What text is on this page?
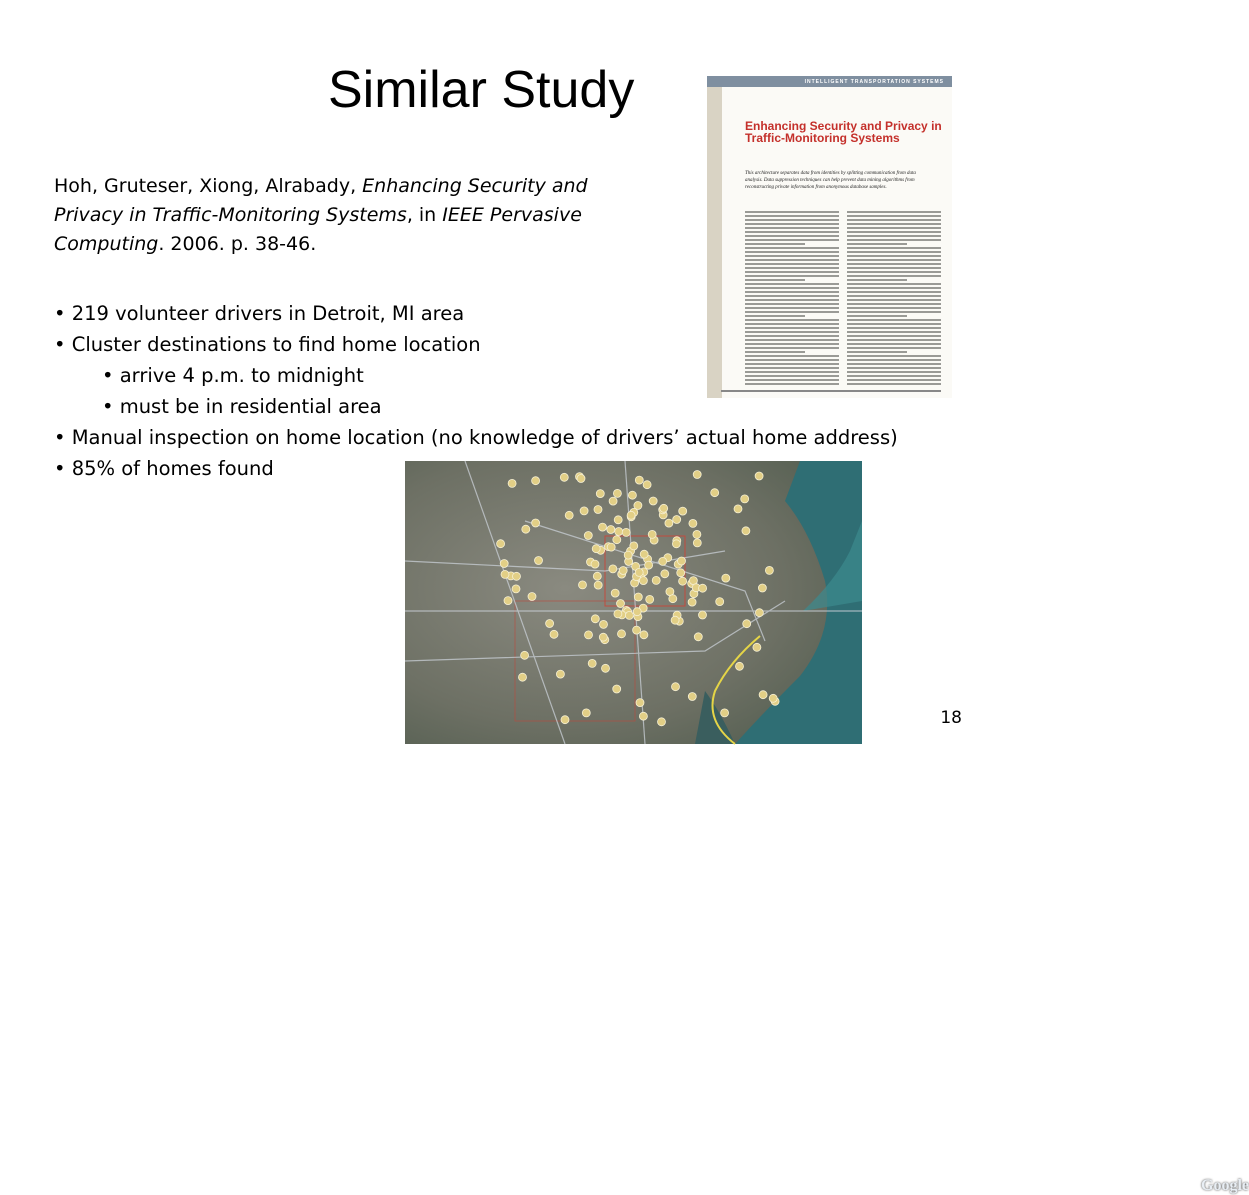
Similar Study
Hoh, Gruteser, Xiong, Alrabady, Enhancing Security and Privacy in Traffic-Monitoring Systems, in IEEE Pervasive Computing. 2006. p. 38-46.
• 219 volunteer drivers in Detroit, MI area
• Cluster destinations to find home location
• arrive 4 p.m. to midnight
• must be in residential area
• Manual inspection on home location (no knowledge of drivers’ actual home address)
• 85% of homes found
INTELLIGENT TRANSPORTATION SYSTEMS
Enhancing Security and Privacy in Traffic-Monitoring Systems
This architecture separates data from identities by splitting communication from data analysis. Data suppression techniques can help prevent data mining algorithms from reconstructing private information from anonymous database samples.
Google
18
